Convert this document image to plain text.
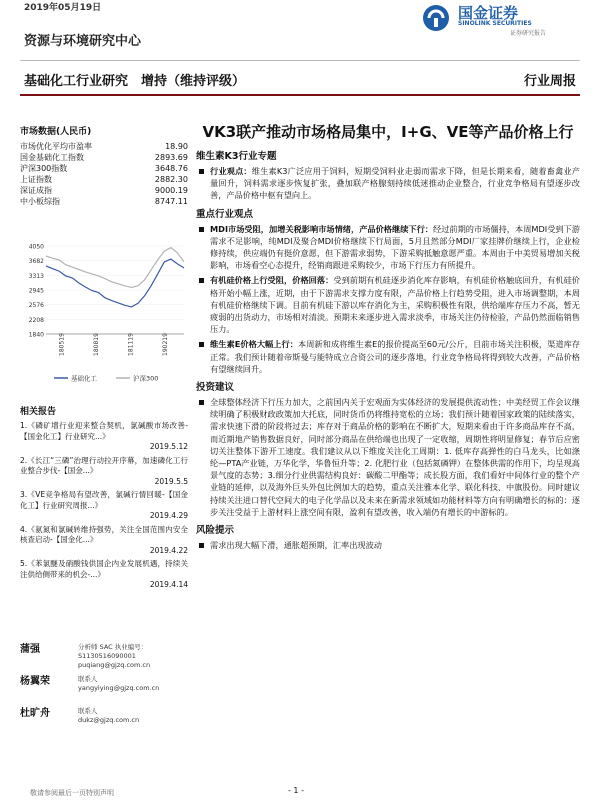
2019年05月19日
资源与环境研究中心
国金证券
SINOLINK SECURITIES
证券研究报告
基础化工行业研究　增持（维持评级）	行业周报
市场数据(人民币)
市场优化平均市盈率	18.90
国金基础化工指数	2893.69
沪深300指数	3648.76
上证指数	2882.30
深证成指	9000.19
中小板综指	8747.11
4050
3682
3313
2945
2576
2208
1840 180519	180819	181119	190219
基础化工	沪深300
相关报告
1.《磷矿增行业迎来整合契机，氯碱酸市场改善-【国金化工】行业研究...》
2019.5.12
2.《长江“三磷”治理行动拉开序幕，加速磷化工行业整合步伐-【国金...》
2019.5.5
3.《VE竞争格局有望改善，氯碱行情回暖-【国金化工】行业研究周报...》
2019.4.29
4.《氨氮和氯碱转维持强势，关注全国范围内安全核查启动-【国金化...》
2019.4.22
5.《苯氯醚及硝酸钱供国企内业发展机遇，持续关注供给侧带来的机会-...》
2019.4.14
蒲强	分析师 SAC 执业编号：S1130516090001
puqiang@gjzq.com.cn
杨翼荣	联系人
yangyiying@gjzq.com.cn
杜旷舟	联系人
dukz@gjzq.com.cn
VK3联产推动市场格局集中，I+G、VE等产品价格上行
维生素K3行业专题
行业观点：维生素K3广泛应用于饲料，短期受饲料业走弱而需求下降，但是长期来看，随着畜禽业产量回升，饲料需求逐步恢复扩张，叠加联产格腺刻持续低迷推动企业整合，行业竞争格局有望逐步改善，产品价格中枢有望向上。
重点行业观点
MDI市场受阻，加增关税影响市场情绪，产品价格继续下行：经过前期的市场僵持，本周MDI受到下游需求不足影响，纯MDI及聚合MDI价格继续下行局面，5月且然部分MDI厂家挂牌价继续上行，企业检修持续，供应端仍有挺价意愿，但下游需求弱势，下游采购抵触意愿严重。本周由于中美贸易增加关税影响，市场看空心态提升，经销商跟进采购较少，市场下行压力有所提升。
有机硅价格上行受阻，价格回落：受到前期有机硅逐步消化库存影响，有机硅价格触底回升，有机硅价格开始小幅上涨，近期，由于下游需求支撑力度有限，产品价格上行趋势受阻，进入市场调整期，本周有机硅价格继续下调。目前有机硅下游以库存消化为主，采购积极性有限，供给端库存压力不高，暂无疲弱的出货动力，市场相对清淡。预期未来逐步进入需求淡季，市场关注仍待检验，产品仍然面临销售压力。
维生素E价格大幅上行：本周新和成将维生素E的报价提高至60元/公斤，目前市场关注积极，渠道库存正常。我们预计随着帝斯曼与能特成立合资公司的逐步落地，行业竞争格局将得到较大改善，产品价格有望继续回升。
投资建议
全球整体经济下行压力加大，之前国内关于宏观面为实体经济的发展提供流动性；中美经贸工作会议继续明确了积极财政政策加大托底，同时货币仍将维持宽松的立场；我们预计随着国家政策的陆续落实，需求快速下滑的阶段将过去；库存对于商品价格的影响在不断扩大，短期来看由于许多商品库存不高，而近期地产销售数据良好，同时部分商品在供给端也出现了一定收缩，周期性将明显修复；春节后应密切关注整体下游开工速度。我们建议从以下维度关注化工周期：1. 低库存高弹性的白马龙头，比如涤纶—PTA产业链，万华化学，华鲁恒升等；2. 化肥行业（包括氮磷钾）在整体供需的作用下，均呈现高景气度的态势；3.细分行业供需结构良好：碳酸二甲酯等；成长股方面，我们看好中间体行业的整个产业链的延伸，以及海外巨头外包比例加大的趋势，重点关注雅本化学、联化科技、中旗股份。同时建议持续关注进口替代空间大的电子化学品以及未来在新需求领域如功能材料等方向有明确增长的标的：逐步关注受益于上游材料上涨空间有限，盈利有望改善，收入端仍有增长的中游标的。
风险提示
需求出现大幅下滑，通胀超预期，汇率出现波动
- 1 -
敬请参阅最后一页特别声明
